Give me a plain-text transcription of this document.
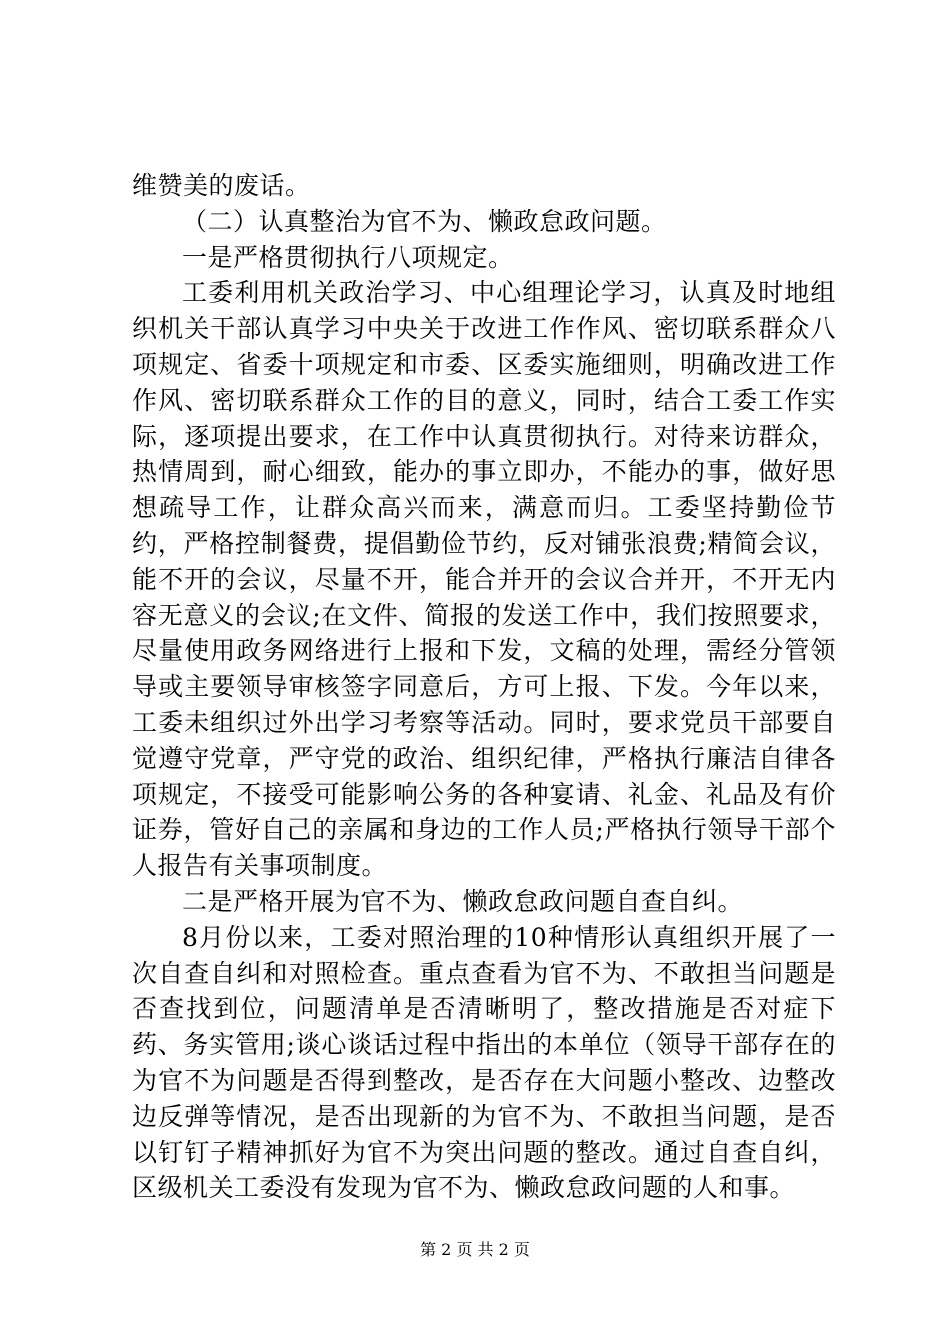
维赞美的废话。

（二）认真整治为官不为、懒政怠政问题。

一是严格贯彻执行八项规定。

工委利用机关政治学习、中心组理论学习，认真及时地组织机关干部认真学习中央关于改进工作作风、密切联系群众八项规定、省委十项规定和市委、区委实施细则，明确改进工作作风、密切联系群众工作的目的意义，同时，结合工委工作实际，逐项提出要求，在工作中认真贯彻执行。对待来访群众，热情周到，耐心细致，能办的事立即办，不能办的事，做好思想疏导工作，让群众高兴而来，满意而归。工委坚持勤俭节约，严格控制餐费，提倡勤俭节约，反对铺张浪费;精简会议，能不开的会议，尽量不开，能合并开的会议合并开，不开无内容无意义的会议;在文件、简报的发送工作中，我们按照要求，尽量使用政务网络进行上报和下发，文稿的处理，需经分管领导或主要领导审核签字同意后，方可上报、下发。今年以来，工委未组织过外出学习考察等活动。同时，要求党员干部要自觉遵守党章，严守党的政治、组织纪律，严格执行廉洁自律各项规定，不接受可能影响公务的各种宴请、礼金、礼品及有价证券，管好自己的亲属和身边的工作人员;严格执行领导干部个人报告有关事项制度。

二是严格开展为官不为、懒政怠政问题自查自纠。

8月份以来，工委对照治理的10种情形认真组织开展了一次自查自纠和对照检查。重点查看为官不为、不敢担当问题是否查找到位，问题清单是否清晰明了，整改措施是否对症下药、务实管用;谈心谈话过程中指出的本单位（领导干部存在的为官不为问题是否得到整改，是否存在大问题小整改、边整改边反弹等情况，是否出现新的为官不为、不敢担当问题，是否以钉钉子精神抓好为官不为突出问题的整改。通过自查自纠，区级机关工委没有发现为官不为、懒政怠政问题的人和事。

第 2 页 共 2 页
